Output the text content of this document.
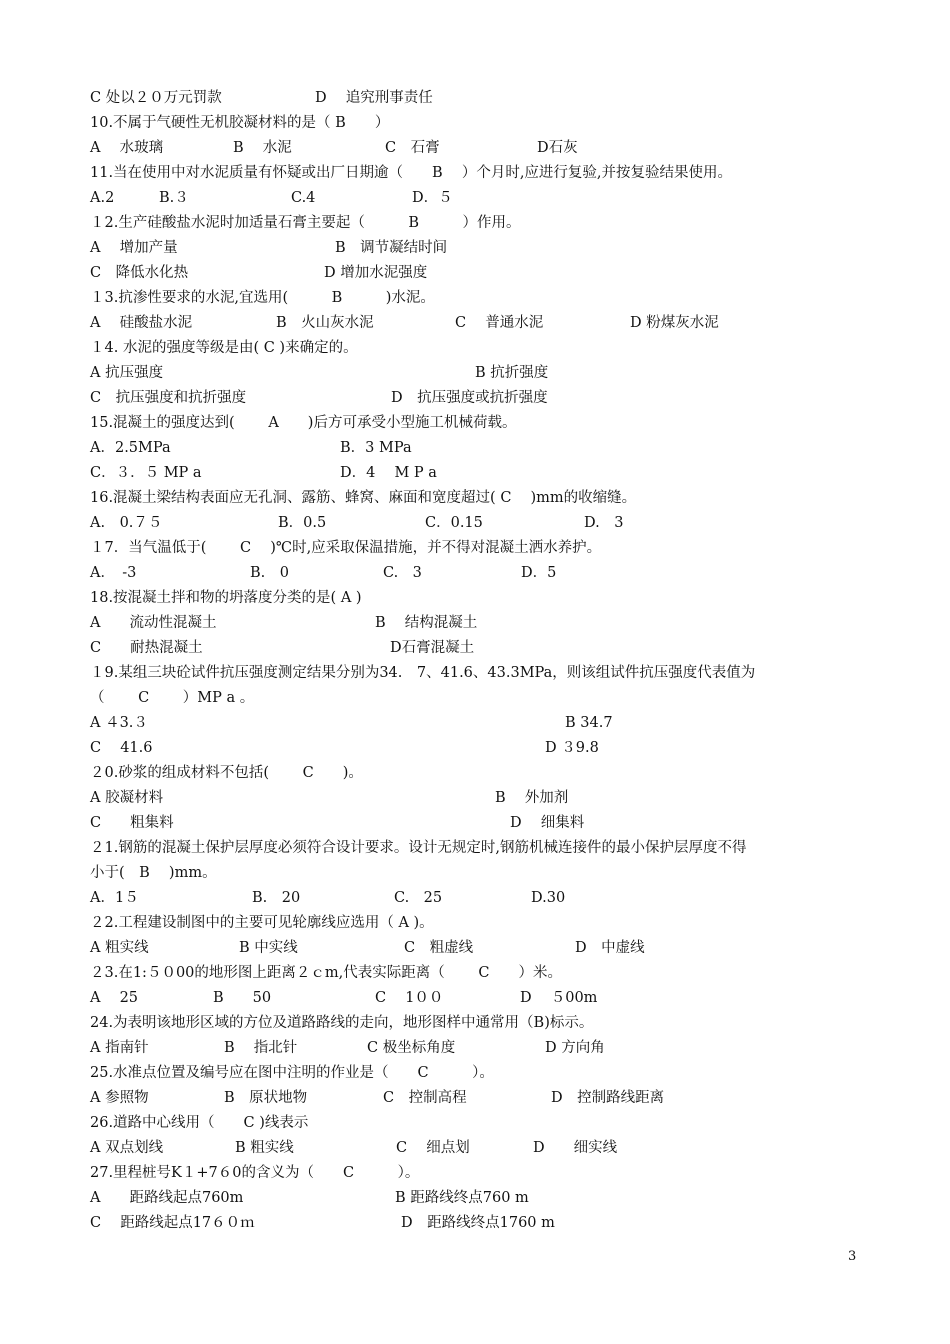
C 处以２０万元罚款	D　 追究刑事责任
10.不属于气硬性无机胶凝材料的是（ B　　）
A　 水玻璃	B　 水泥	C　石膏	D石灰
11.当在使用中对水泥质量有怀疑或出厂日期逾（　　B　 ）个月时,应进行复验,并按复验结果使用。
A.2	B.３	C.4	D．５
１2.生产硅酸盐水泥时加适量石膏主要起（　　　B　　　）作用。
A　 增加产量	B　调节凝结时间
C　降低水化热	D 增加水泥强度
１3.抗渗性要求的水泥,宜选用(　　　B　　　)水泥。
A　 硅酸盐水泥	B　火山灰水泥	C　 普通水泥	D 粉煤灰水泥
１4. 水泥的强度等级是由( C )来确定的。
A 抗压强度	B 抗折强度
C　抗压强度和抗折强度	D　抗压强度或抗折强度
15.混凝土的强度达到(　　 A　　)后方可承受小型施工机械荷载。
A．2.5MPa	B．3 MPa
C．３．５ MP a	D．4　 M P a
16.混凝土梁结构表面应无孔洞、露筋、蜂窝、麻面和宽度超过( C　 )mm的收缩缝。
A.　0.７５	B．0.5	C．0.15	D.　3
１7．当气温低于(　　 C　 )℃时,应采取保温措施，并不得对混凝土洒水养护。
A．　-3	B.　0	C.　3	D．5
18.按混凝土拌和物的坍落度分类的是( A )
A　　流动性混凝土	B　 结构混凝土
C　　耐热混凝土	D石膏混凝土
１9.某组三块砼试件抗压强度测定结果分别为34.　7、41.6、43.3MPa，则该组试件抗压强度代表值为
（　　 C　　 ）MP a 。
A ４3.３	B 34.7
C　 41.6	D ３9.8
２0.砂浆的组成材料不包括(　　 C　　)。
A 胶凝材料	B　 外加剂
C　　粗集料	D　 细集料
２1.钢筋的混凝土保护层厚度必须符合设计要求。设计无规定时,钢筋机械连接件的最小保护层厚度不得
小于(　B　 )mm。
A．1５	B.　20	C.　25	D.30
２2.工程建设制图中的主要可见轮廓线应选用（ A )。
A 粗实线	B 中实线	C　粗虚线	D　中虚线
２3.在1:５０00的地形图上距离２ｃm,代表实际距离（　　 C　　）米。
A　 25	B　　50	C　 1００	D　 ５00m
24.为表明该地形区域的方位及道路路线的走向，地形图样中通常用（B)标示。
A 指南针	B　 指北针	C 极坐标角度	D 方向角
25.水准点位置及编号应在图中注明的作业是（　　C　　　）。
A 参照物	B　原状地物	C　控制高程	D　控制路线距离
26.道路中心线用（　　C )线表示
A 双点划线	B 粗实线	C　 细点划	D　　细实线
27.里程桩号K１+7６0的含义为（　　C　　　）。
A　　距路线起点760m	B 距路线终点760 m
C　 距路线起点17６０ｍ	D　距路线终点1760 m
3
